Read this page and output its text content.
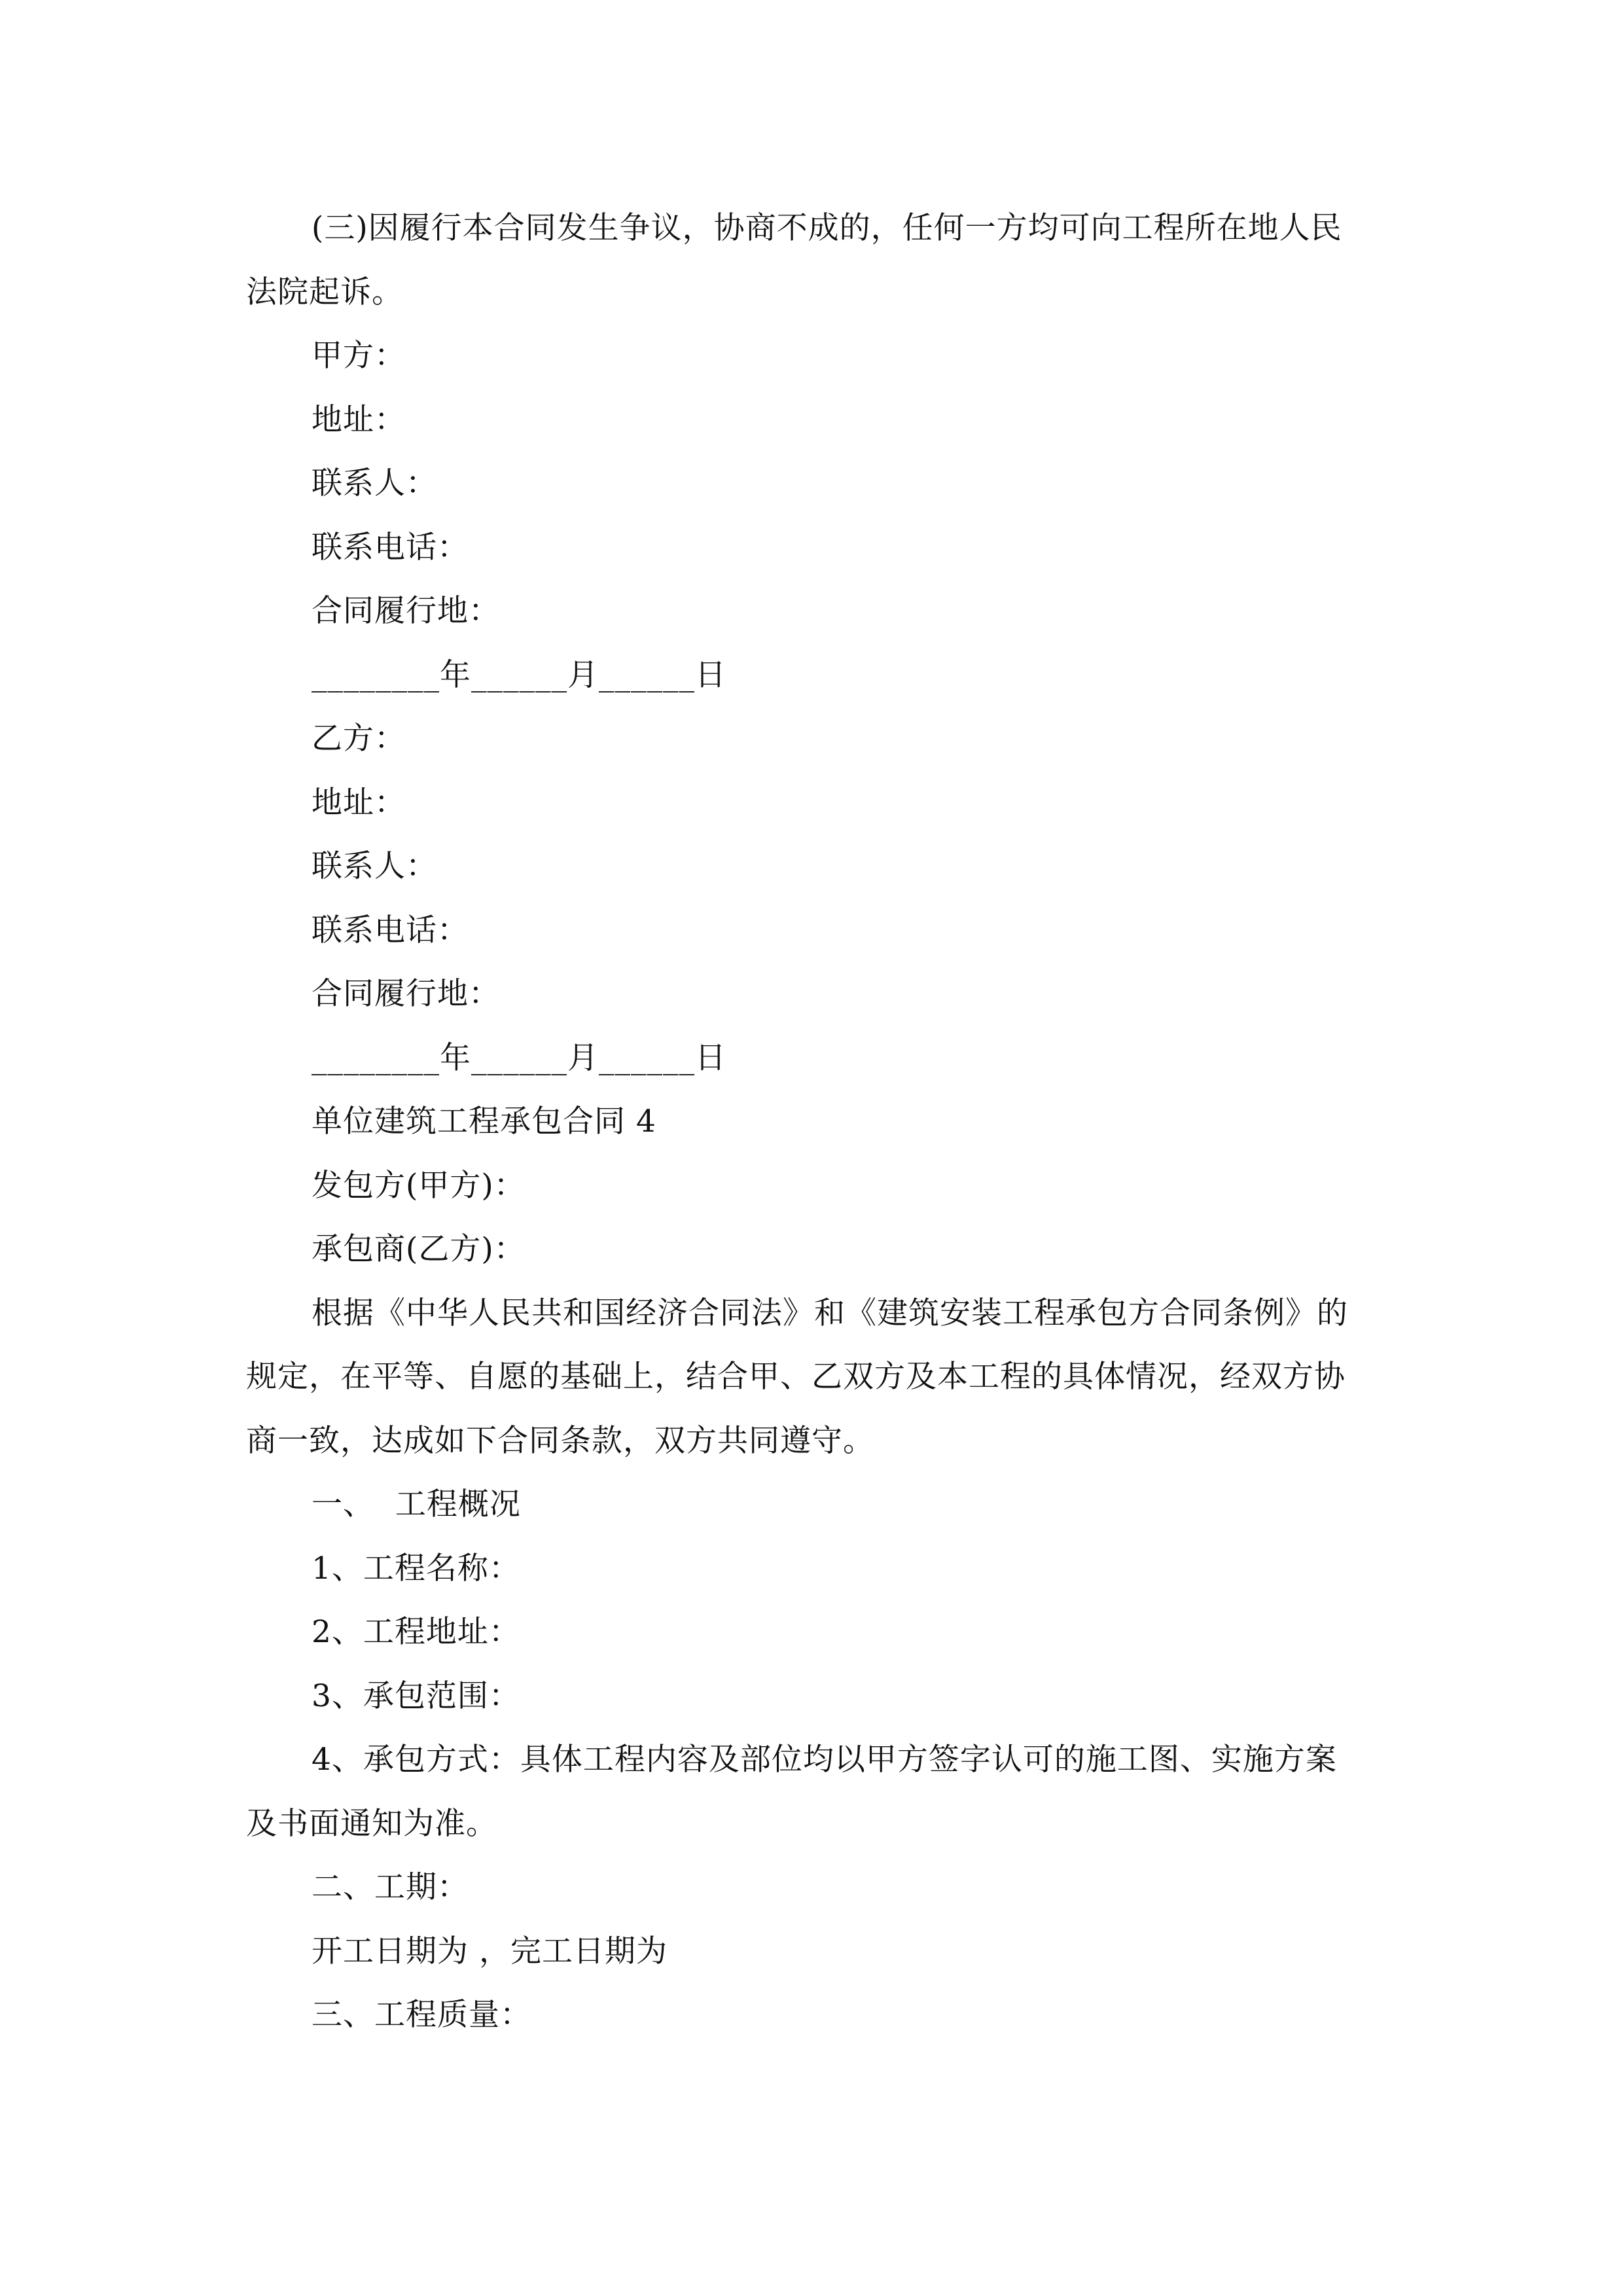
(三)因履行本合同发生争议，协商不成的，任何一方均可向工程所在地人民
法院起诉。
甲方：
地址：
联系人：
联系电话：
合同履行地：
________年______月______日
乙方：
地址：
联系人：
联系电话：
合同履行地：
________年______月______日
单位建筑工程承包合同 4
发包方(甲方)：
承包商(乙方)：
根据《中华人民共和国经济合同法》和《建筑安装工程承包方合同条例》的
规定，在平等、自愿的基础上，结合甲、乙双方及本工程的具体情况，经双方协
商一致，达成如下合同条款，双方共同遵守。
一、  工程概况
1、工程名称：
2、工程地址：
3、承包范围：
4、承包方式：具体工程内容及部位均以甲方签字认可的施工图、实施方案
及书面通知为准。
二、工期：
开工日期为 ，完工日期为
三、工程质量：
